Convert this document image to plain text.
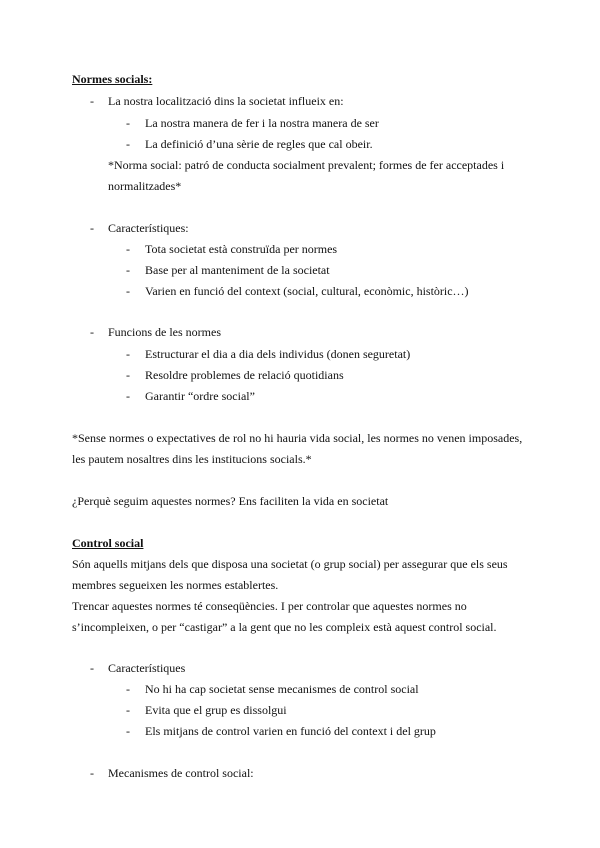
Normes socials:
- La nostra localització dins la societat influeix en:
- La nostra manera de fer i la nostra manera de ser
- La definició d’una sèrie de regles que cal obeir.
*Norma social: patró de conducta socialment prevalent; formes de fer acceptades i
normalitzades*
- Característiques:
- Tota societat està construïda per normes
- Base per al manteniment de la societat
- Varien en funció del context (social, cultural, econòmic, històric…)
- Funcions de les normes
- Estructurar el dia a dia dels individus (donen seguretat)
- Resoldre problemes de relació quotidians
- Garantir “ordre social”
*Sense normes o expectatives de rol no hi hauria vida social, les normes no venen imposades,
les pautem nosaltres dins les institucions socials.*
¿Perquè seguim aquestes normes? Ens faciliten la vida en societat
Control social
Són aquells mitjans dels que disposa una societat (o grup social) per assegurar que els seus
membres segueixen les normes establertes.
Trencar aquestes normes té conseqüències. I per controlar que aquestes normes no
s’incompleixen, o per “castigar” a la gent que no les compleix està aquest control social.
- Característiques
- No hi ha cap societat sense mecanismes de control social
- Evita que el grup es dissolgui
- Els mitjans de control varien en funció del context i del grup
- Mecanismes de control social:
